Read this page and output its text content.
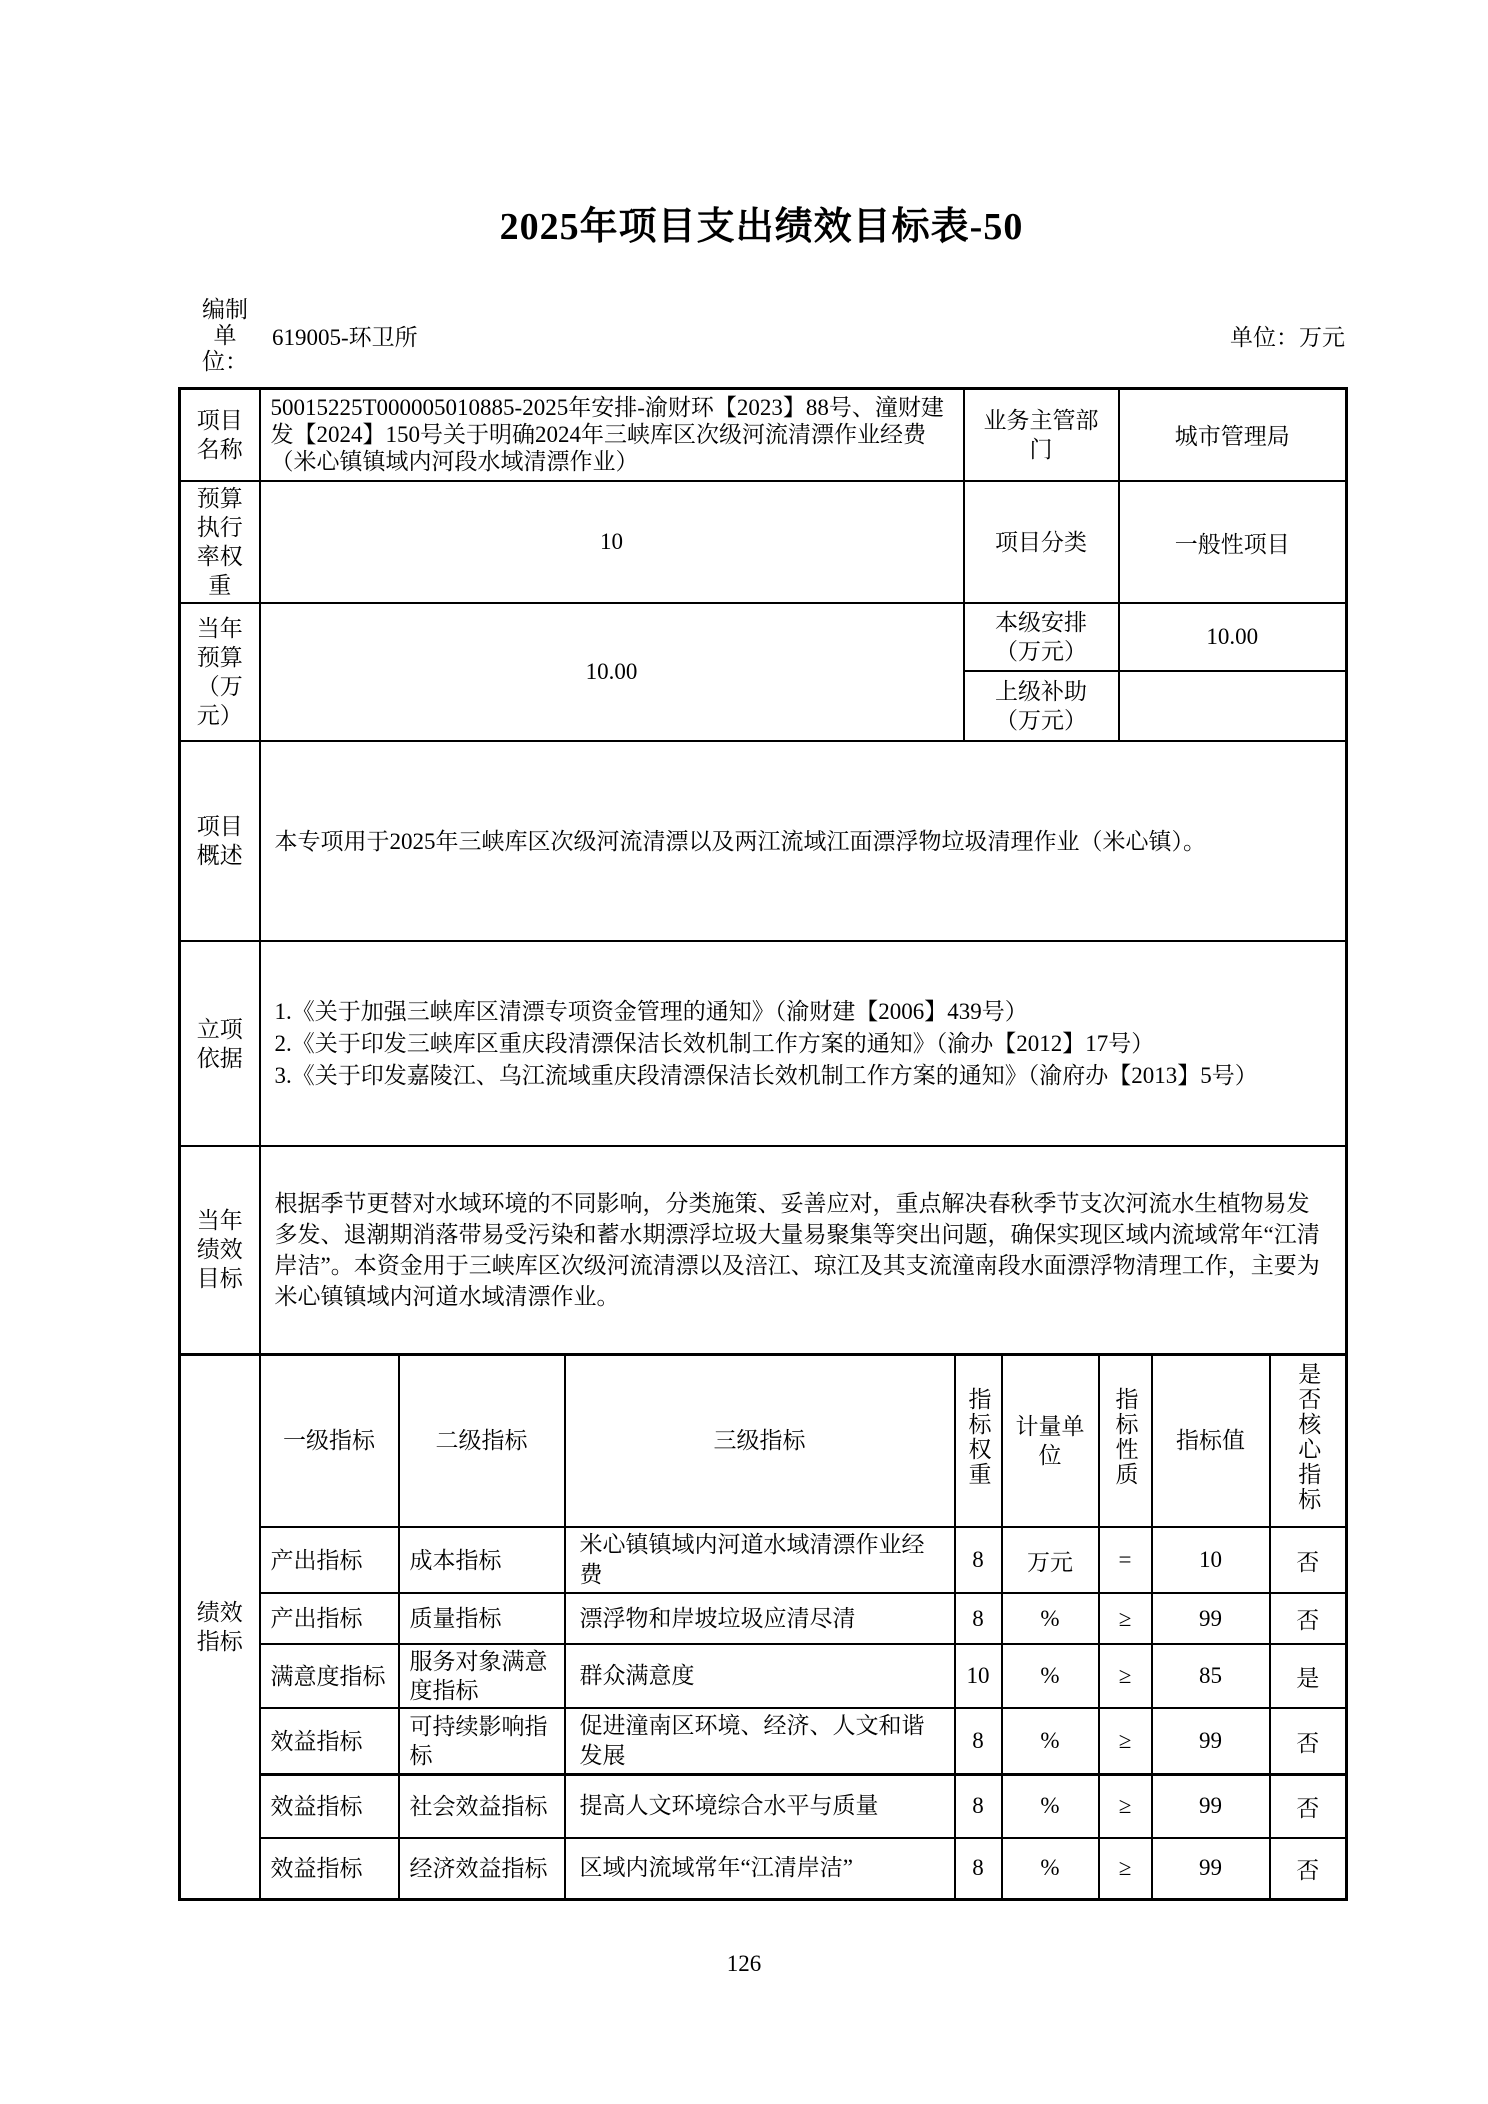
2025年项目支出绩效目标表-50
编制单位：
619005-环卫所	单位：万元
项目名称	50015225T000005010885-2025年安排-渝财环【2023】88号、潼财建发【2024】150号关于明确2024年三峡库区次级河流清漂作业经费（米心镇镇域内河段水域清漂作业）	业务主管部门	城市管理局
预算执行率权重	10	项目分类	一般性项目
当年预算（万元）	10.00	本级安排（万元）	10.00
		上级补助（万元）	
项目概述	本专项用于2025年三峡库区次级河流清漂以及两江流域江面漂浮物垃圾清理作业（米心镇）。		
立项依据	1.《关于加强三峡库区清漂专项资金管理的通知》（渝财建【2006】439号）
2.《关于印发三峡库区重庆段清漂保洁长效机制工作方案的通知》（渝办【2012】17号）
3.《关于印发嘉陵江、乌江流域重庆段清漂保洁长效机制工作方案的通知》（渝府办【2013】5号）		

当年绩效目标	根据季节更替对水域环境的不同影响，分类施策、妥善应对，重点解决春秋季节支次河流水生植物易发多发、退潮期消落带易受污染和蓄水期漂浮垃圾大量易聚集等突出问题，确保实现区域内流域常年“江清岸洁”。本资金用于三峡库区次级河流清漂以及涪江、琼江及其支流潼南段水面漂浮物清理工作，主要为米心镇镇域内河道水域清漂作业。		
绩效指标	一级指标	二级指标	三级指标	指标权重	计量单位	指标性质	指标值	是否核心指标
	产出指标	成本指标	米心镇镇域内河道水域清漂作业经费	8	万元	=	10	否
	产出指标	质量指标	漂浮物和岸坡垃圾应清尽清	8	%	≥	99	否
	满意度指标	服务对象满意度指标	群众满意度	10	%	≥	85	是
	效益指标	可持续影响指标	促进潼南区环境、经济、人文和谐发展	8	%	≥	99	否
	效益指标	社会效益指标	提高人文环境综合水平与质量	8	%	≥	99	否
	效益指标	经济效益指标	区域内流域常年“江清岸洁”	8	%	≥	99	否
126
